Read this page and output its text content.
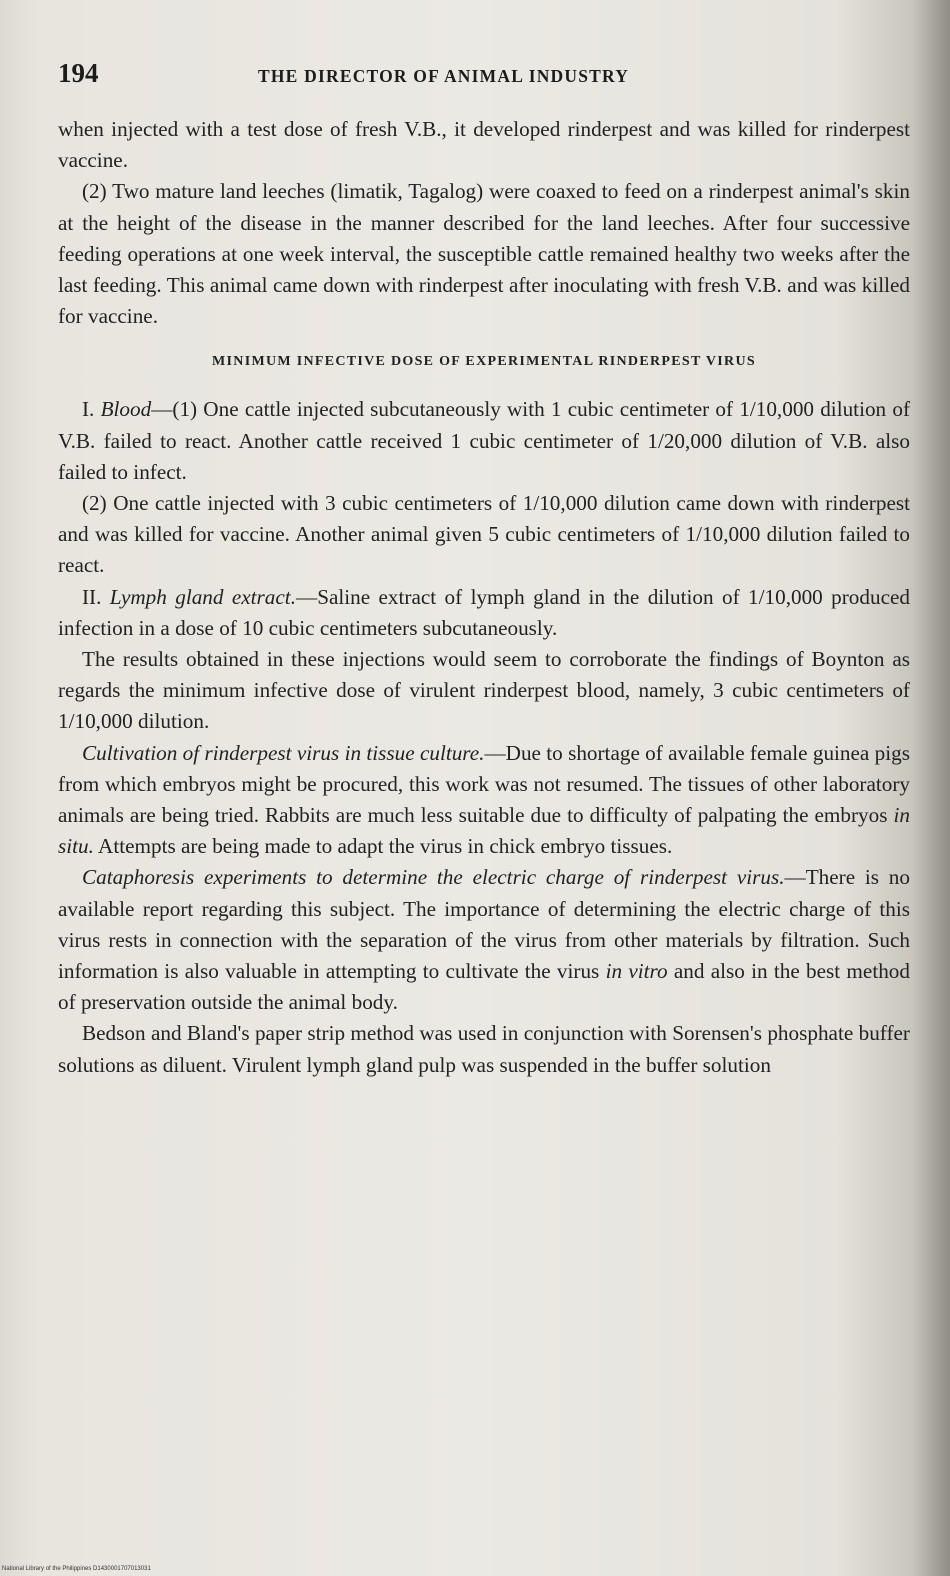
194	THE DIRECTOR OF ANIMAL INDUSTRY

when injected with a test dose of fresh V.B., it developed rinderpest and was killed for rinderpest vaccine.

(2) Two mature land leeches (limatik, Tagalog) were coaxed to feed on a rinderpest animal's skin at the height of the disease in the manner described for the land leeches. After four successive feeding operations at one week interval, the susceptible cattle remained healthy two weeks after the last feeding. This animal came down with rinderpest after inoculating with fresh V.B. and was killed for vaccine.

MINIMUM INFECTIVE DOSE OF EXPERIMENTAL RINDERPEST VIRUS

I. Blood—(1) One cattle injected subcutaneously with 1 cubic centimeter of 1/10,000 dilution of V.B. failed to react. Another cattle received 1 cubic centimeter of 1/20,000 dilution of V.B. also failed to infect.

(2) One cattle injected with 3 cubic centimeters of 1/10,000 dilution came down with rinderpest and was killed for vaccine. Another animal given 5 cubic centimeters of 1/10,000 dilution failed to react.

II. Lymph gland extract.—Saline extract of lymph gland in the dilution of 1/10,000 produced infection in a dose of 10 cubic centimeters subcutaneously.

The results obtained in these injections would seem to corroborate the findings of Boynton as regards the minimum infective dose of virulent rinderpest blood, namely, 3 cubic centimeters of 1/10,000 dilution.

Cultivation of rinderpest virus in tissue culture.—Due to shortage of available female guinea pigs from which embryos might be procured, this work was not resumed. The tissues of other laboratory animals are being tried. Rabbits are much less suitable due to difficulty of palpating the embryos in situ. Attempts are being made to adapt the virus in chick embryo tissues.

Cataphoresis experiments to determine the electric charge of rinderpest virus.—There is no available report regarding this subject. The importance of determining the electric charge of this virus rests in connection with the separation of the virus from other materials by filtration. Such information is also valuable in attempting to cultivate the virus in vitro and also in the best method of preservation outside the animal body.

Bedson and Bland's paper strip method was used in conjunction with Sorensen's phosphate buffer solutions as diluent. Virulent lymph gland pulp was suspended in the buffer solution

National Library of the Philippines D1430001707013031
